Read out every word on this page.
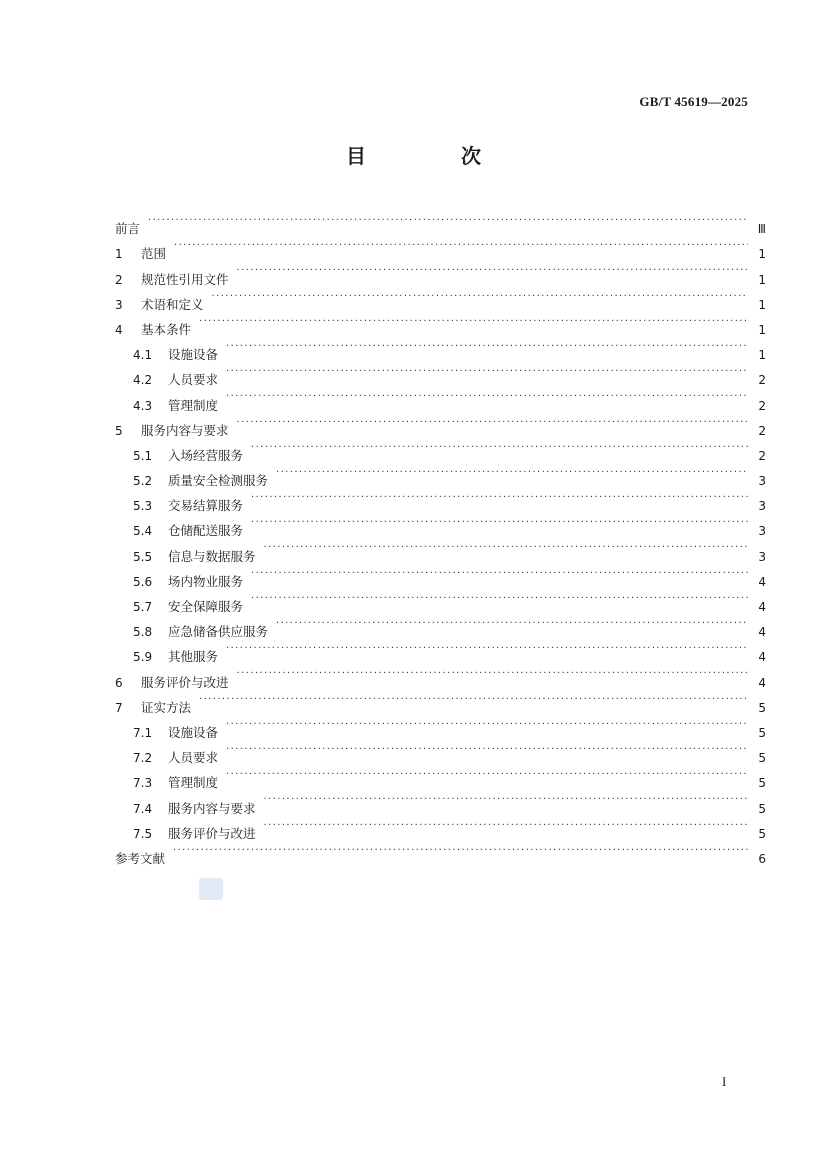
GB/T 45619—2025
目 次
前言 ·····	Ⅲ
1	范围 ·····	1
2	规范性引用文件 ·····	1
3	术语和定义 ·····	1
4	基本条件 ·····	1
4.1	设施设备 ·····	1
4.2	人员要求 ·····	2
4.3	管理制度 ·····	2
5	服务内容与要求 ·····	2
5.1	入场经营服务 ·····	2
5.2	质量安全检测服务 ·····	3
5.3	交易结算服务 ·····	3
5.4	仓储配送服务 ·····	3
5.5	信息与数据服务 ·····	3
5.6	场内物业服务 ·····	4
5.7	安全保障服务 ·····	4
5.8	应急储备供应服务 ·····	4
5.9	其他服务 ·····	4
6	服务评价与改进 ·····	4
7	证实方法 ·····	5
7.1	设施设备 ·····	5
7.2	人员要求 ·····	5
7.3	管理制度 ·····	5
7.4	服务内容与要求 ·····	5
7.5	服务评价与改进 ·····	5
参考文献 ·····	6
I
